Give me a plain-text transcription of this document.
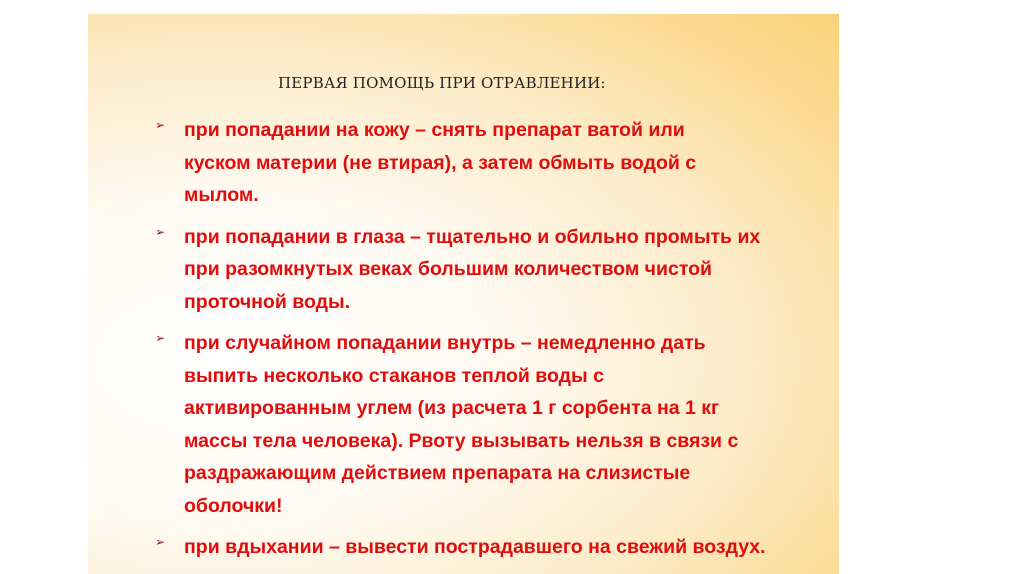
ПЕРВАЯ ПОМОЩЬ ПРИ ОТРАВЛЕНИИ:
➢ при попадании на кожу – снять препарат ватой или
куском материи (не втирая), а затем обмыть водой с
мылом.
➢ при попадании в глаза – тщательно и обильно промыть их
при разомкнутых веках большим количеством чистой
проточной воды.
➢ при случайном попадании внутрь – немедленно дать
выпить несколько стаканов теплой воды с
активированным углем (из расчета 1 г сорбента на 1 кг
массы тела человека). Рвоту вызывать нельзя в связи с
раздражающим действием препарата на слизистые
оболочки!
➢ при вдыхании – вывести пострадавшего на свежий воздух.
